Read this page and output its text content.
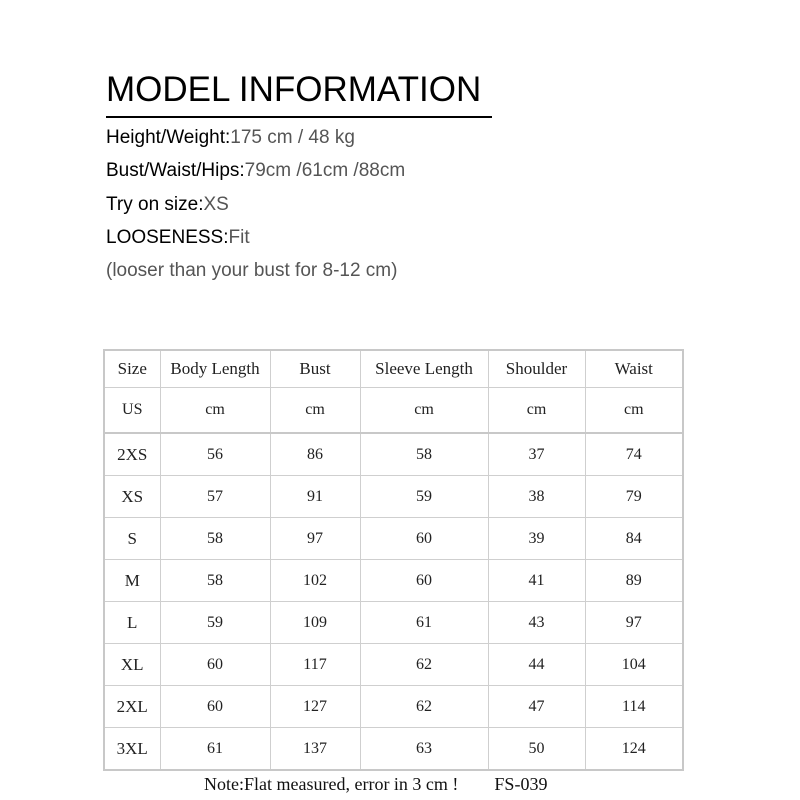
MODEL INFORMATION
Height/Weight:175 cm / 48 kg
Bust/Waist/Hips:79cm /61cm /88cm
Try on size:XS
LOOSENESS:Fit
(looser than your bust for 8-12 cm)
Size	Body Length	Bust	Sleeve Length	Shoulder	Waist
US	cm	cm	cm	cm	cm
2XS	56	86	58	37	74
XS	57	91	59	38	79
S	58	97	60	39	84
M	58	102	60	41	89
L	59	109	61	43	97
XL	60	117	62	44	104
2XL	60	127	62	47	114
3XL	61	137	63	50	124
Note:Flat measured, error in 3 cm ! FS-039
